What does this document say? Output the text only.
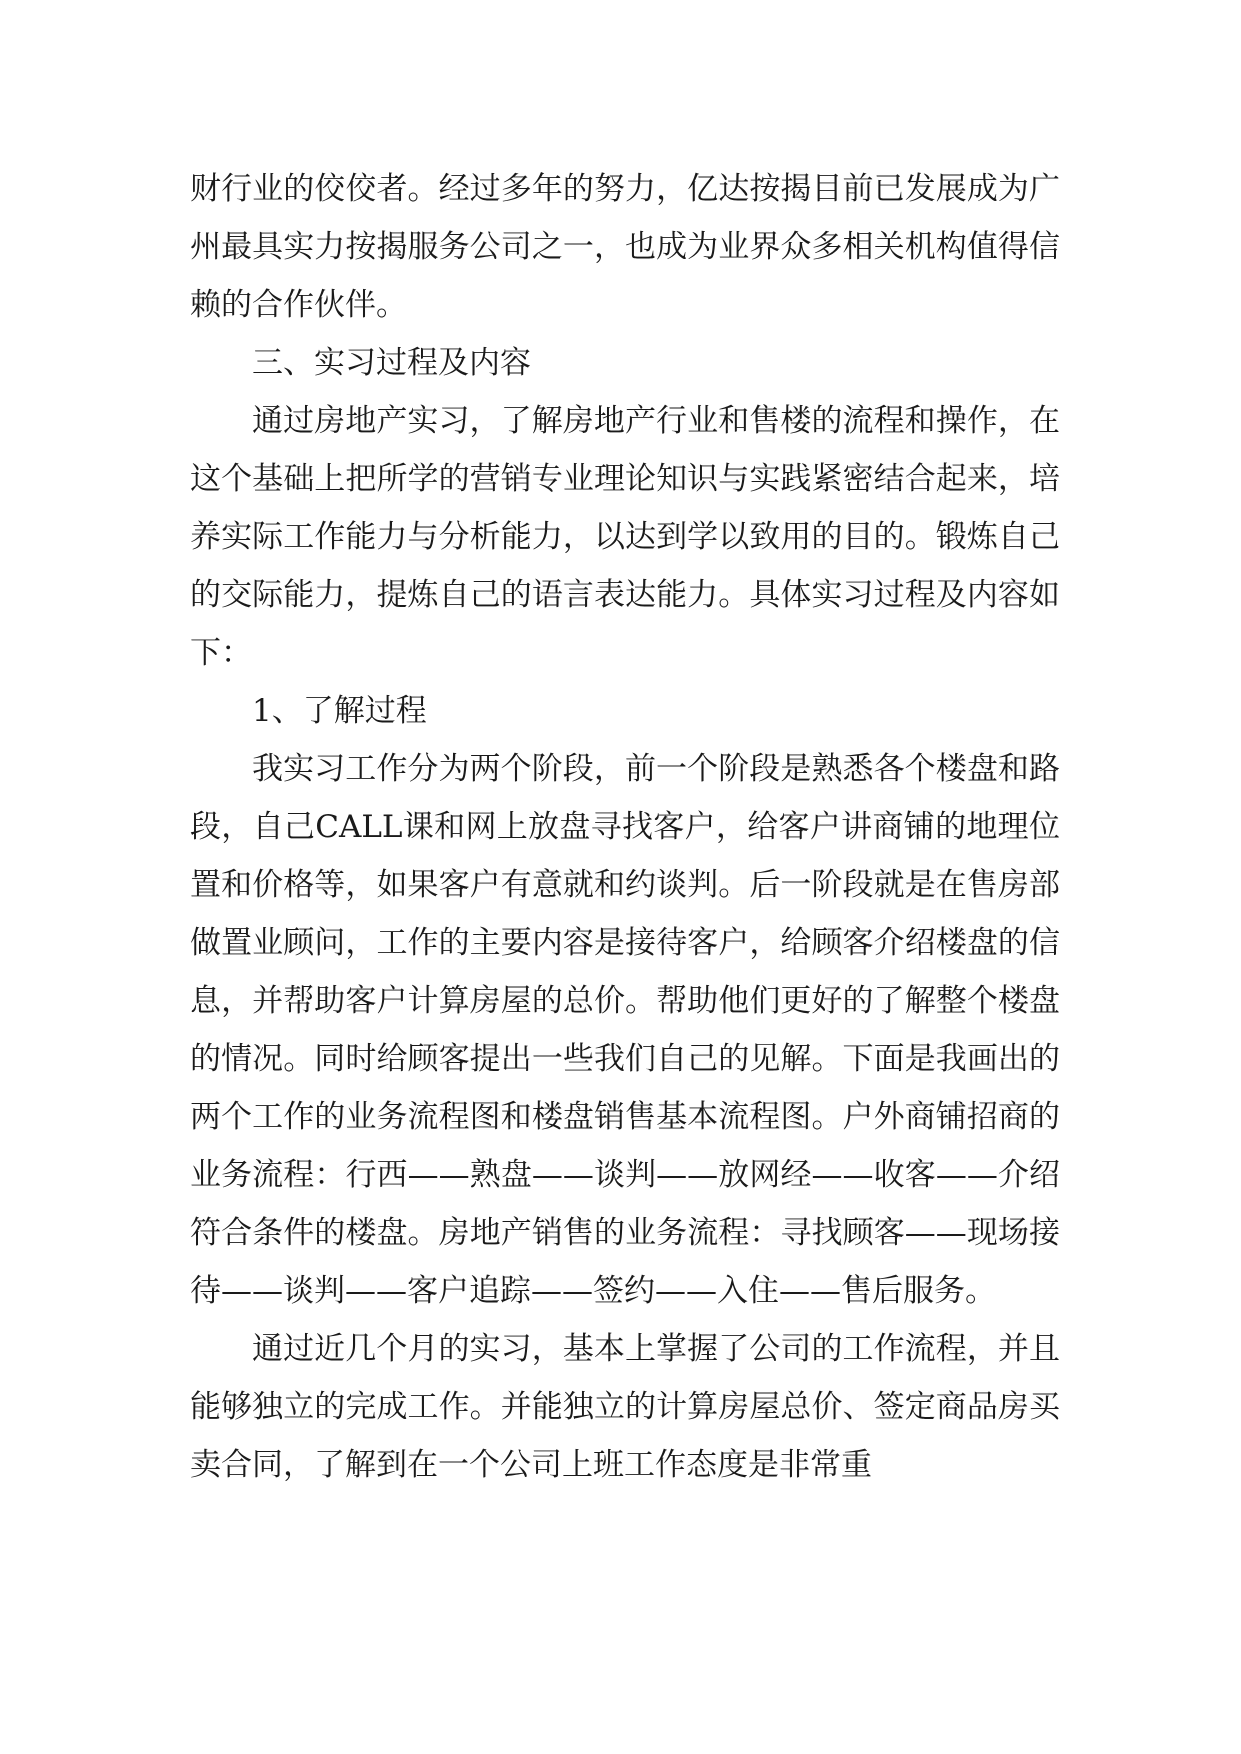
财行业的佼佼者。经过多年的努力，亿达按揭目前已发展成为广州最具实力按揭服务公司之一，也成为业界众多相关机构值得信赖的合作伙伴。

三、实习过程及内容

通过房地产实习，了解房地产行业和售楼的流程和操作，在这个基础上把所学的营销专业理论知识与实践紧密结合起来，培养实际工作能力与分析能力，以达到学以致用的目的。锻炼自己的交际能力，提炼自己的语言表达能力。具体实习过程及内容如下：

1、了解过程

我实习工作分为两个阶段，前一个阶段是熟悉各个楼盘和路段，自己CALL课和网上放盘寻找客户，给客户讲商铺的地理位置和价格等，如果客户有意就和约谈判。后一阶段就是在售房部做置业顾问，工作的主要内容是接待客户，给顾客介绍楼盘的信息，并帮助客户计算房屋的总价。帮助他们更好的了解整个楼盘的情况。同时给顾客提出一些我们自己的见解。下面是我画出的两个工作的业务流程图和楼盘销售基本流程图。户外商铺招商的业务流程：行西——熟盘——谈判——放网经——收客——介绍符合条件的楼盘。房地产销售的业务流程：寻找顾客——现场接待——谈判——客户追踪——签约——入住——售后服务。

通过近几个月的实习，基本上掌握了公司的工作流程，并且能够独立的完成工作。并能独立的计算房屋总价、签定商品房买卖合同，了解到在一个公司上班工作态度是非常重
